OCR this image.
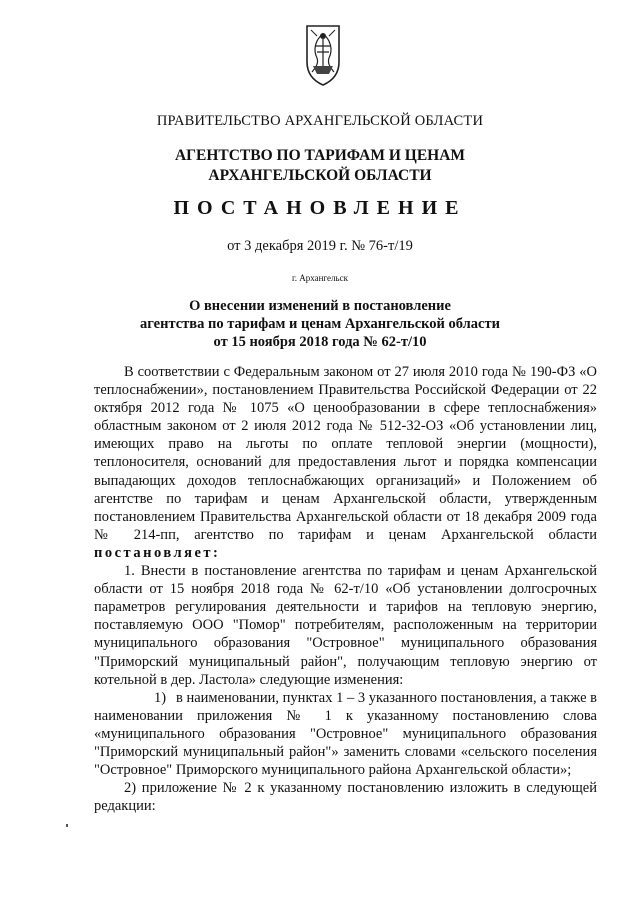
ПРАВИТЕЛЬСТВО АРХАНГЕЛЬСКОЙ ОБЛАСТИ
АГЕНТСТВО ПО ТАРИФАМ И ЦЕНАМ
АРХАНГЕЛЬСКОЙ ОБЛАСТИ
ПОСТАНОВЛЕНИЕ
от 3 декабря 2019 г. № 76-т/19
г. Архангельск
О внесении изменений в постановление
агентства по тарифам и ценам Архангельской области
от 15 ноября 2018 года № 62-т/10

В соответствии с Федеральным законом от 27 июля 2010 года № 190-ФЗ «О теплоснабжении», постановлением Правительства Российской Федерации от 22 октября 2012 года № 1075 «О ценообразовании в сфере теплоснабжения» областным законом от 2 июля 2012 года № 512-32-ОЗ «Об установлении лиц, имеющих право на льготы по оплате тепловой энергии (мощности), теплоносителя, оснований для предоставления льгот и порядка компенсации выпадающих доходов теплоснабжающих организаций» и Положением об агентстве по тарифам и ценам Архангельской области, утвержденным постановлением Правительства Архангельской области от 18 декабря 2009 года № 214-пп, агентство по тарифам и ценам Архангельской области постановляет:

1. Внести в постановление агентства по тарифам и ценам Архангельской области от 15 ноября 2018 года № 62-т/10 «Об установлении долгосрочных параметров регулирования деятельности и тарифов на тепловую энергию, поставляемую ООО "Помор" потребителям, расположенным на территории муниципального образования "Островное" муниципального образования "Приморский муниципальный район", получающим тепловую энергию от котельной в дер. Ластола» следующие изменения:

1) в наименовании, пунктах 1 – 3 указанного постановления, а также в наименовании приложения № 1 к указанному постановлению слова «муниципального образования "Островное" муниципального образования "Приморский муниципальный район"» заменить словами «сельского поселения "Островное" Приморского муниципального района Архангельской области»;

2) приложение № 2 к указанному постановлению изложить в следующей редакции:
